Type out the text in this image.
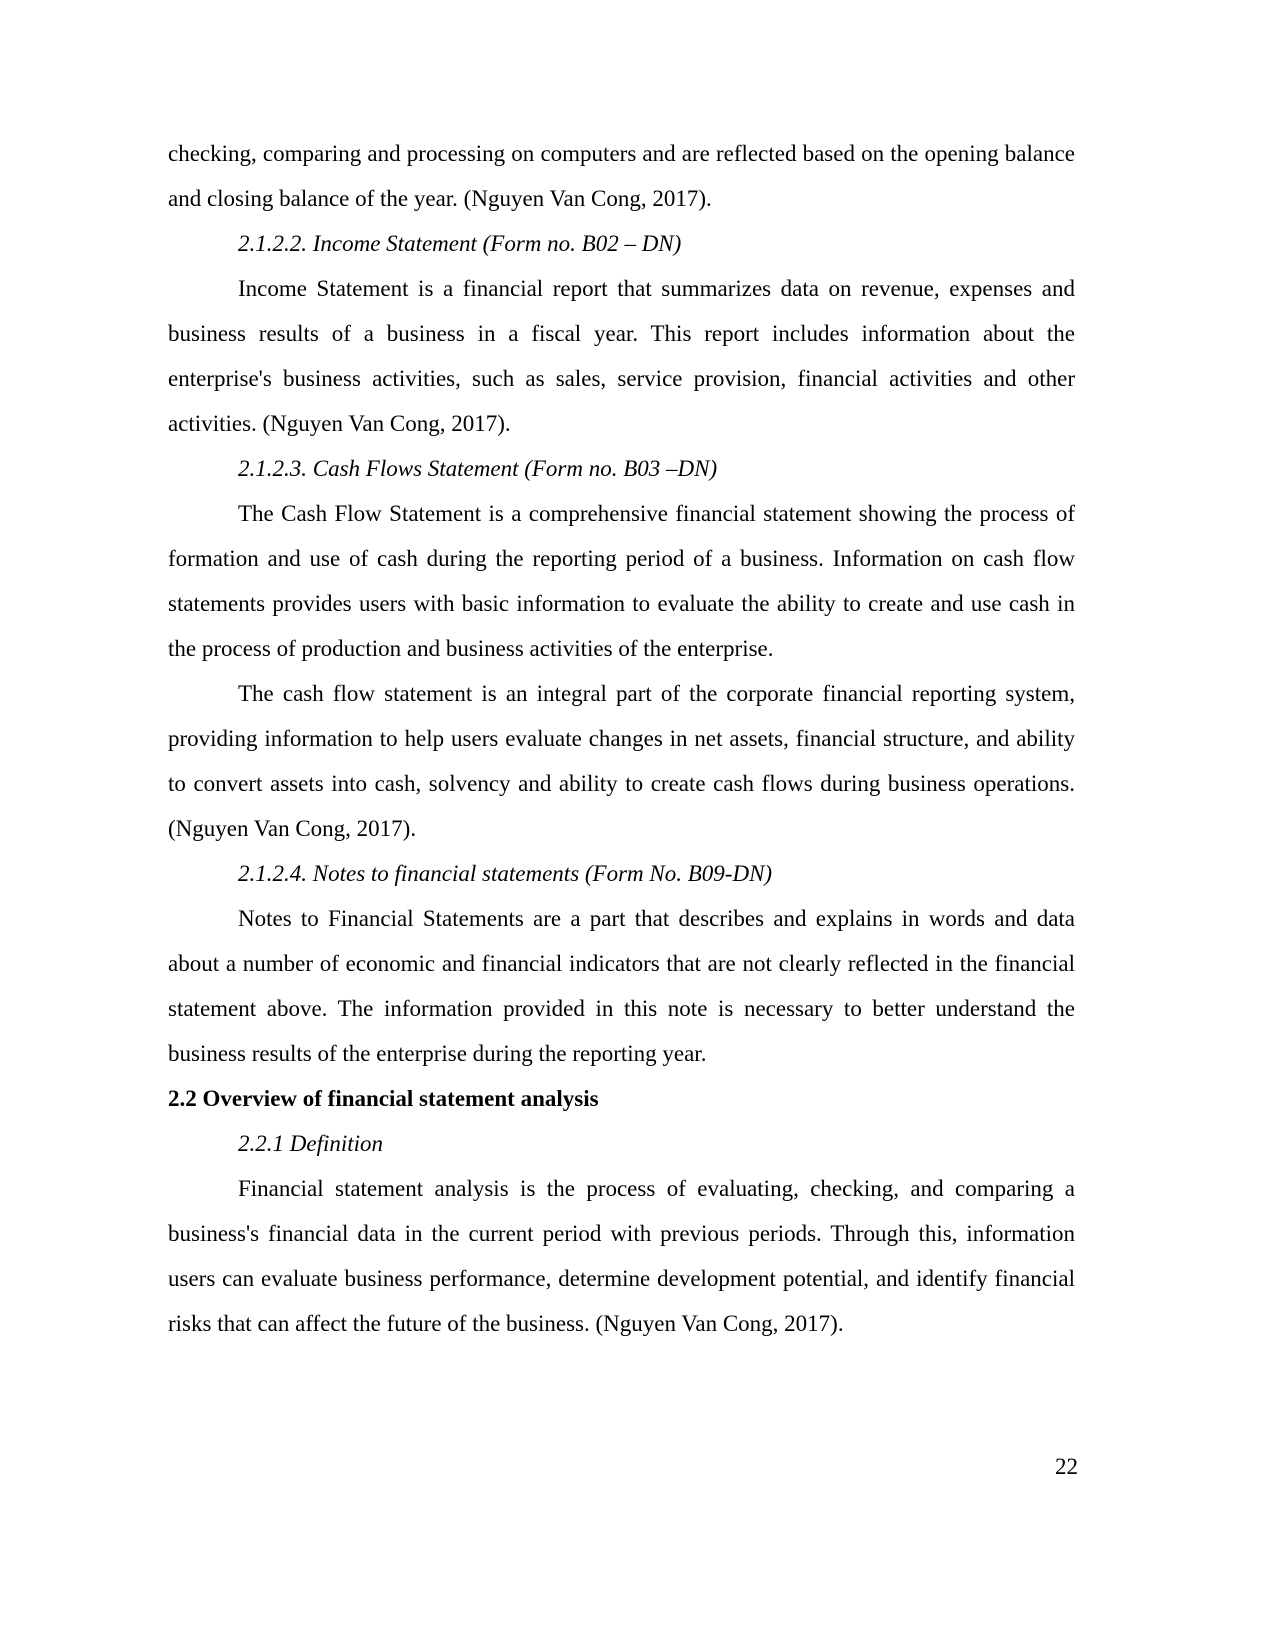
checking, comparing and processing on computers and are reflected based on the opening balance and closing balance of the year. (Nguyen Van Cong, 2017).

2.1.2.2. Income Statement (Form no. B02 – DN)

Income Statement is a financial report that summarizes data on revenue, expenses and business results of a business in a fiscal year. This report includes information about the enterprise's business activities, such as sales, service provision, financial activities and other activities. (Nguyen Van Cong, 2017).

2.1.2.3. Cash Flows Statement (Form no. B03 –DN)

The Cash Flow Statement is a comprehensive financial statement showing the process of formation and use of cash during the reporting period of a business. Information on cash flow statements provides users with basic information to evaluate the ability to create and use cash in the process of production and business activities of the enterprise.

The cash flow statement is an integral part of the corporate financial reporting system, providing information to help users evaluate changes in net assets, financial structure, and ability to convert assets into cash, solvency and ability to create cash flows during business operations. (Nguyen Van Cong, 2017).

2.1.2.4. Notes to financial statements (Form No. B09-DN)

Notes to Financial Statements are a part that describes and explains in words and data about a number of economic and financial indicators that are not clearly reflected in the financial statement above. The information provided in this note is necessary to better understand the business results of the enterprise during the reporting year.

2.2 Overview of financial statement analysis
2.2.1 Definition

Financial statement analysis is the process of evaluating, checking, and comparing a business's financial data in the current period with previous periods. Through this, information users can evaluate business performance, determine development potential, and identify financial risks that can affect the future of the business. (Nguyen Van Cong, 2017).

22
